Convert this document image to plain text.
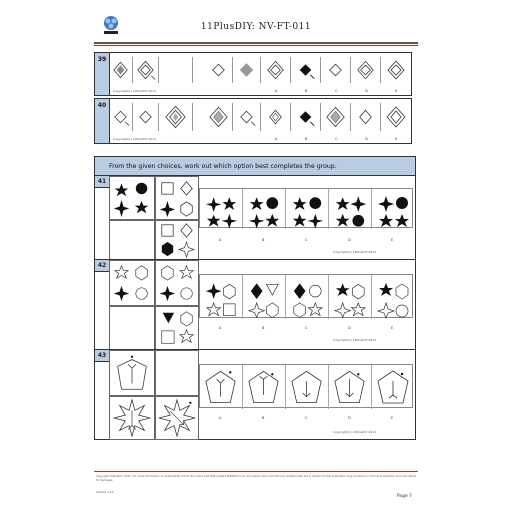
11PlusDIY: NV-FT-011
39
Copyright(c) 11PlusDIY 2011	A	B	C	D	E
40
Copyright(c) 11PlusDIY 2011	A	B	C	D	E
From the given choices, work out which option best completes the group.
41
A	B	C	D	E
Copyright(c) 11PlusDIY 2011
42
A	B	C	D	E
Copyright(c) 11PlusDIY 2011
43
A	B	C	D	E
Copyright(c) 11PlusDIY 2011
Copyright 11PlusDIY, 2011. For more information on authenticity of this document visit http://www.11PlusDIY.co.uk. Any person who commits any unauthorised act in relation to this publication may be liable to criminal prosecution and civil claims for damages.
Version 1.10
Page 7
